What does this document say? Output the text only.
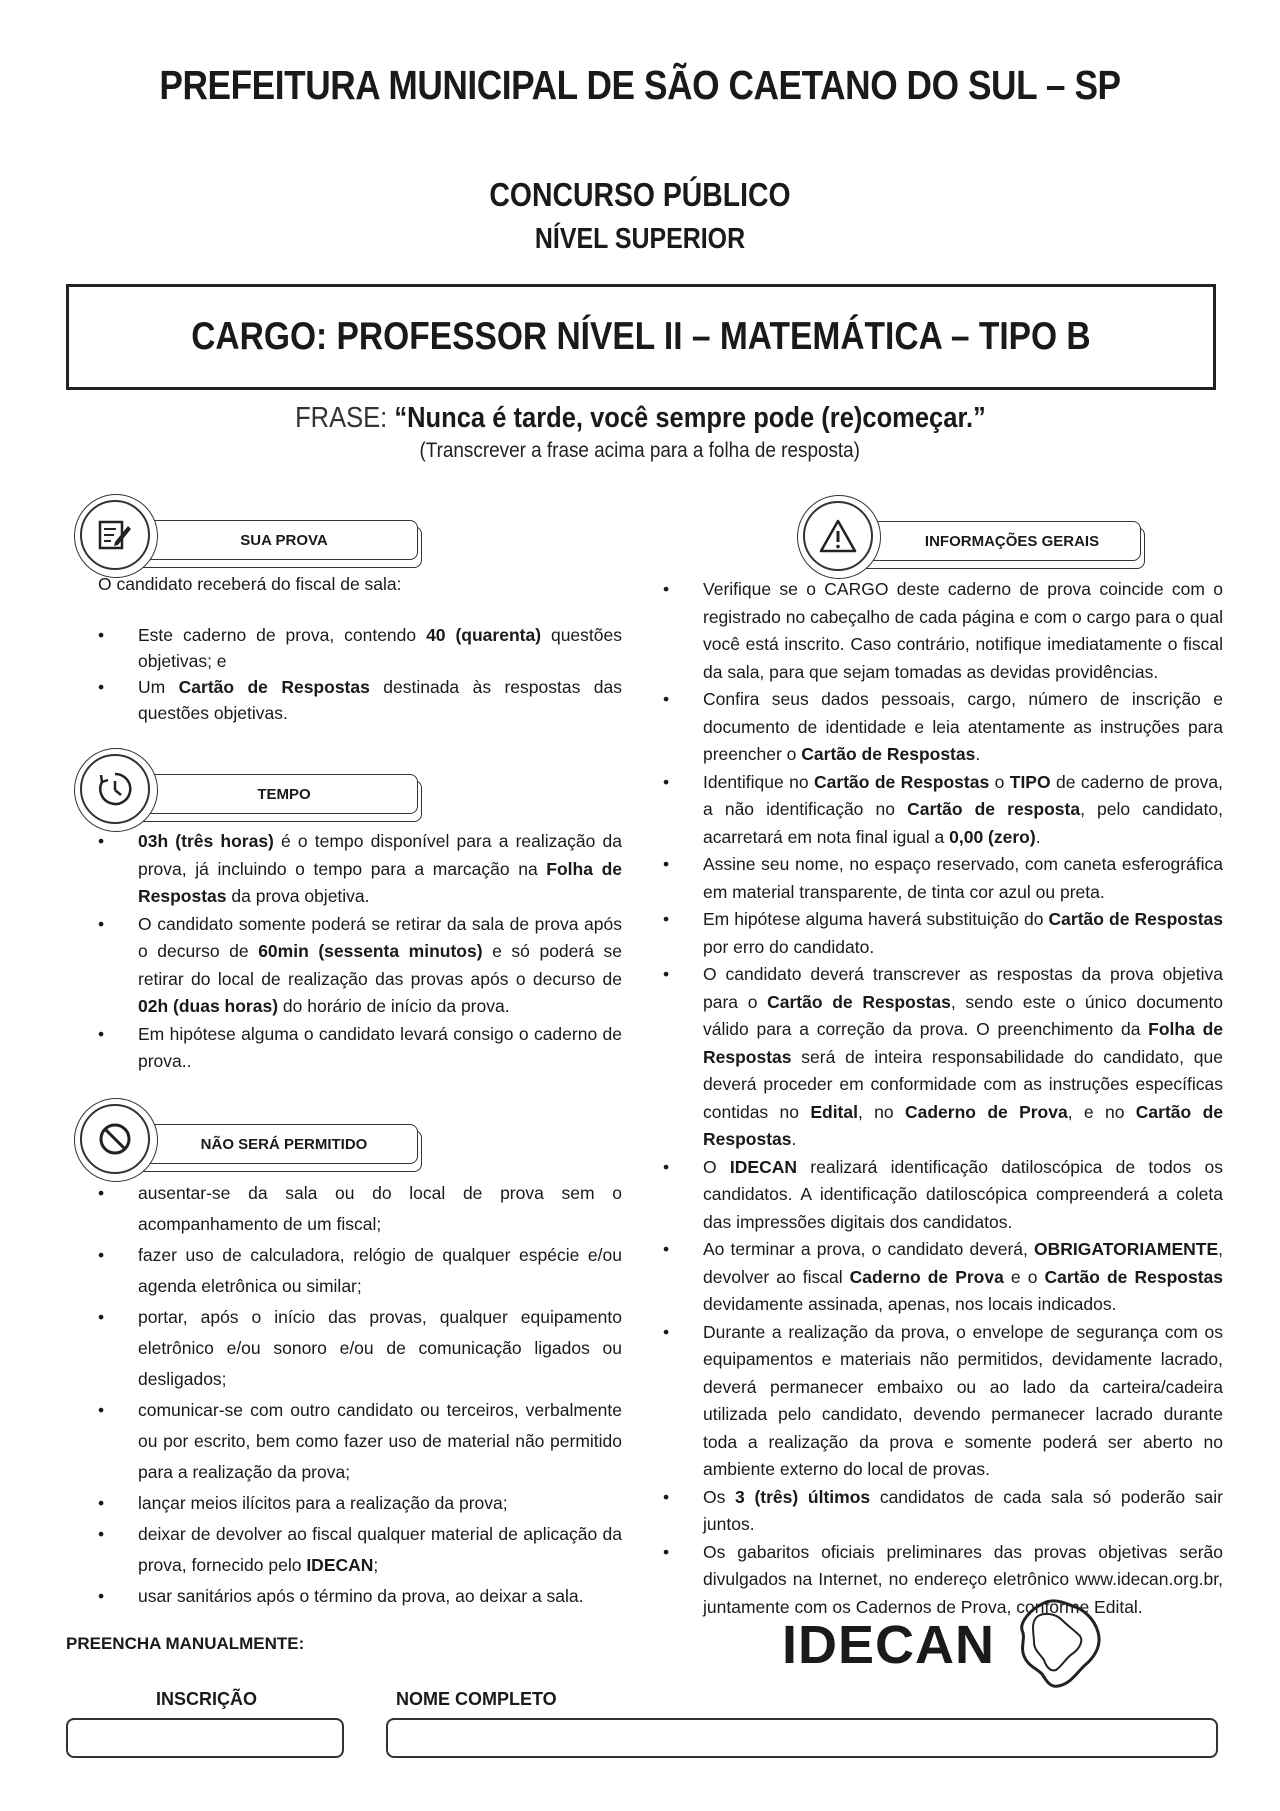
PREFEITURA MUNICIPAL DE SÃO CAETANO DO SUL – SP
CONCURSO PÚBLICO
NÍVEL SUPERIOR
CARGO: PROFESSOR NÍVEL II – MATEMÁTICA – TIPO B
FRASE: “Nunca é tarde, você sempre pode (re)começar.”
(Transcrever a frase acima para a folha de resposta)
SUA PROVA
O candidato receberá do fiscal de sala:
• Este caderno de prova, contendo 40 (quarenta) questões objetivas; e
• Um Cartão de Respostas destinada às respostas das questões objetivas.
TEMPO
• 03h (três horas) é o tempo disponível para a realização da prova, já incluindo o tempo para a marcação na Folha de Respostas da prova objetiva.
• O candidato somente poderá se retirar da sala de prova após o decurso de 60min (sessenta minutos) e só poderá se retirar do local de realização das provas após o decurso de 02h (duas horas) do horário de início da prova.
• Em hipótese alguma o candidato levará consigo o caderno de prova..
NÃO SERÁ PERMITIDO
• ausentar-se da sala ou do local de prova sem o acompanhamento de um fiscal;
• fazer uso de calculadora, relógio de qualquer espécie e/ou agenda eletrônica ou similar;
• portar, após o início das provas, qualquer equipamento eletrônico e/ou sonoro e/ou de comunicação ligados ou desligados;
• comunicar-se com outro candidato ou terceiros, verbalmente ou por escrito, bem como fazer uso de material não permitido para a realização da prova;
• lançar meios ilícitos para a realização da prova;
• deixar de devolver ao fiscal qualquer material de aplicação da prova, fornecido pelo IDECAN;
• usar sanitários após o término da prova, ao deixar a sala.
INFORMAÇÕES GERAIS
• Verifique se o CARGO deste caderno de prova coincide com o registrado no cabeçalho de cada página e com o cargo para o qual você está inscrito. Caso contrário, notifique imediatamente o fiscal da sala, para que sejam tomadas as devidas providências.
• Confira seus dados pessoais, cargo, número de inscrição e documento de identidade e leia atentamente as instruções para preencher o Cartão de Respostas.
• Identifique no Cartão de Respostas o TIPO de caderno de prova, a não identificação no Cartão de resposta, pelo candidato, acarretará em nota final igual a 0,00 (zero).
• Assine seu nome, no espaço reservado, com caneta esferográfica em material transparente, de tinta cor azul ou preta.
• Em hipótese alguma haverá substituição do Cartão de Respostas por erro do candidato.
• O candidato deverá transcrever as respostas da prova objetiva para o Cartão de Respostas, sendo este o único documento válido para a correção da prova. O preenchimento da Folha de Respostas será de inteira responsabilidade do candidato, que deverá proceder em conformidade com as instruções específicas contidas no Edital, no Caderno de Prova, e no Cartão de Respostas.
• O IDECAN realizará identificação datiloscópica de todos os candidatos. A identificação datiloscópica compreenderá a coleta das impressões digitais dos candidatos.
• Ao terminar a prova, o candidato deverá, OBRIGATORIAMENTE, devolver ao fiscal Caderno de Prova e o Cartão de Respostas devidamente assinada, apenas, nos locais indicados.
• Durante a realização da prova, o envelope de segurança com os equipamentos e materiais não permitidos, devidamente lacrado, deverá permanecer embaixo ou ao lado da carteira/cadeira utilizada pelo candidato, devendo permanecer lacrado durante toda a realização da prova e somente poderá ser aberto no ambiente externo do local de provas.
• Os 3 (três) últimos candidatos de cada sala só poderão sair juntos.
• Os gabaritos oficiais preliminares das provas objetivas serão divulgados na Internet, no endereço eletrônico www.idecan.org.br, juntamente com os Cadernos de Prova, conforme Edital.
PREENCHA MANUALMENTE:
INSCRIÇÃO	NOME COMPLETO
IDECAN
